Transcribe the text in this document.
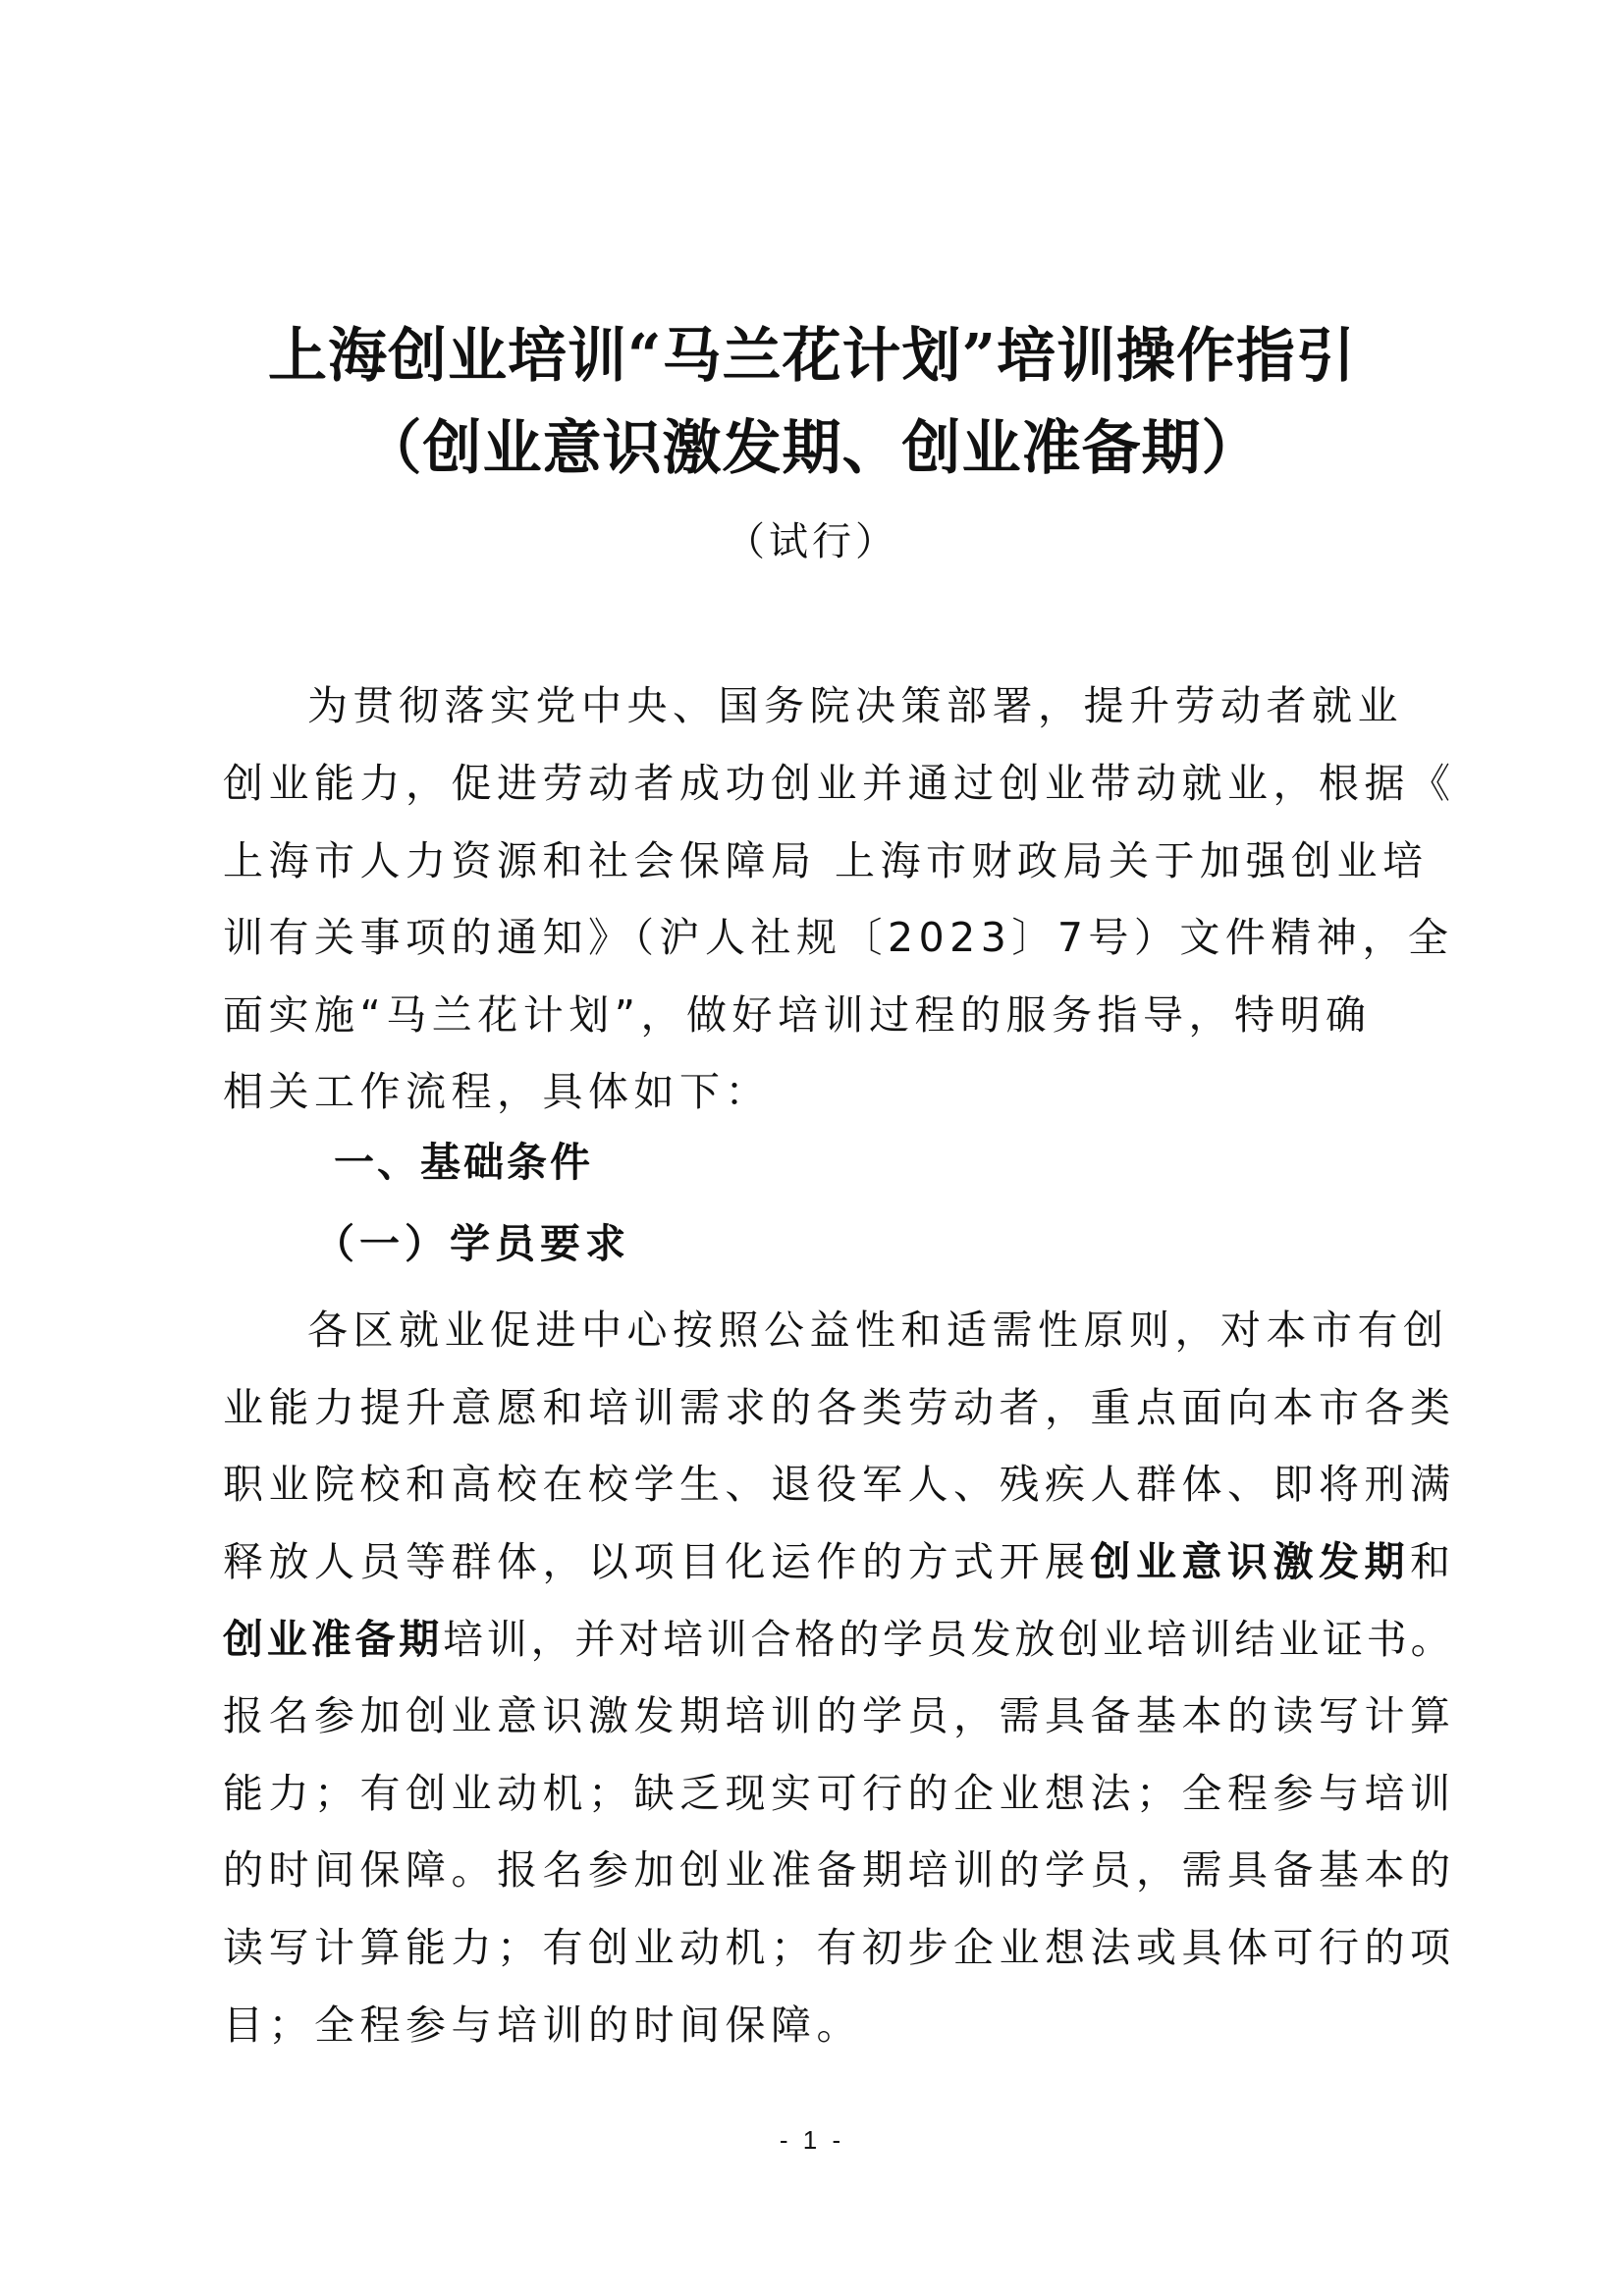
上海创业培训“马兰花计划”培训操作指引
（创业意识激发期、创业准备期）
（试行）
为贯彻落实党中央、国务院决策部署，提升劳动者就业
创业能力，促进劳动者成功创业并通过创业带动就业，根据《
上海市人力资源和社会保障局 上海市财政局关于加强创业培
训有关事项的通知》（沪人社规〔2023〕7号）文件精神，全
面实施“马兰花计划”，做好培训过程的服务指导，特明确
相关工作流程，具体如下：
一、基础条件
（一）学员要求
各区就业促进中心按照公益性和适需性原则，对本市有创
业能力提升意愿和培训需求的各类劳动者，重点面向本市各类
职业院校和高校在校学生、退役军人、残疾人群体、即将刑满
释放人员等群体，以项目化运作的方式开展创业意识激发期和
创业准备期培训，并对培训合格的学员发放创业培训结业证书。
报名参加创业意识激发期培训的学员，需具备基本的读写计算
能力；有创业动机；缺乏现实可行的企业想法；全程参与培训
的时间保障。报名参加创业准备期培训的学员，需具备基本的
读写计算能力；有创业动机；有初步企业想法或具体可行的项
目；全程参与培训的时间保障。
- 1 -
